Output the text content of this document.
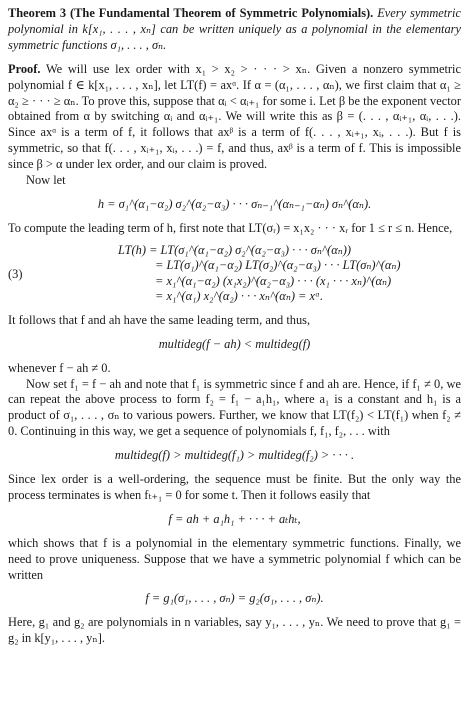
Theorem 3 (The Fundamental Theorem of Symmetric Polynomials). Every symmetric polynomial in k[x₁, . . . , xₙ] can be written uniquely as a polynomial in the elementary symmetric functions σ₁, . . . , σₙ.

Proof. We will use lex order with x₁ > x₂ > · · · > xₙ. Given a nonzero symmetric polynomial f ∈ k[x₁, . . . , xₙ], let LT(f) = axᵅ. If α = (α₁, . . . , αₙ), we first claim that α₁ ≥ α₂ ≥ · · · ≥ αₙ. To prove this, suppose that αᵢ < αᵢ₊₁ for some i. Let β be the exponent vector obtained from α by switching αᵢ and αᵢ₊₁. We will write this as β = (. . . , αᵢ₊₁, αᵢ, . . .). Since axᵅ is a term of f, it follows that axᵝ is a term of f(. . . , xᵢ₊₁, xᵢ, . . .). But f is symmetric, so that f(. . . , xᵢ₊₁, xᵢ, . . .) = f, and thus, axᵝ is a term of f. This is impossible since β > α under lex order, and our claim is proved.

Now let

h = σ₁^(α₁−α₂) σ₂^(α₂−α₃) · · · σₙ₋₁^(αₙ₋₁−αₙ) σₙ^(αₙ).

To compute the leading term of h, first note that LT(σᵣ) = x₁x₂ · · · xᵣ for 1 ≤ r ≤ n. Hence,

(3)
LT(h) = LT(σ₁^(α₁−α₂) σ₂^(α₂−α₃) · · · σₙ^(αₙ))
= LT(σ₁)^(α₁−α₂) LT(σ₂)^(α₂−α₃) · · · LT(σₙ)^(αₙ)
= x₁^(α₁−α₂) (x₁x₂)^(α₂−α₃) · · · (x₁ · · · xₙ)^(αₙ)
= x₁^(α₁) x₂^(α₂) · · · xₙ^(αₙ) = xᵅ.

It follows that f and ah have the same leading term, and thus,

multideg(f − ah) < multideg(f)

whenever f − ah ≠ 0.

Now set f₁ = f − ah and note that f₁ is symmetric since f and ah are. Hence, if f₁ ≠ 0, we can repeat the above process to form f₂ = f₁ − a₁h₁, where a₁ is a constant and h₁ is a product of σ₁, . . . , σₙ to various powers. Further, we know that LT(f₂) < LT(f₁) when f₂ ≠ 0. Continuing in this way, we get a sequence of polynomials f, f₁, f₂, . . . with

multideg(f) > multideg(f₁) > multideg(f₂) > · · · .

Since lex order is a well-ordering, the sequence must be finite. But the only way the process terminates is when fₜ₊₁ = 0 for some t. Then it follows easily that

f = ah + a₁h₁ + · · · + aₜhₜ,

which shows that f is a polynomial in the elementary symmetric functions. Finally, we need to prove uniqueness. Suppose that we have a symmetric polynomial f which can be written

f = g₁(σ₁, . . . , σₙ) = g₂(σ₁, . . . , σₙ).

Here, g₁ and g₂ are polynomials in n variables, say y₁, . . . , yₙ. We need to prove that g₁ = g₂ in k[y₁, . . . , yₙ].
